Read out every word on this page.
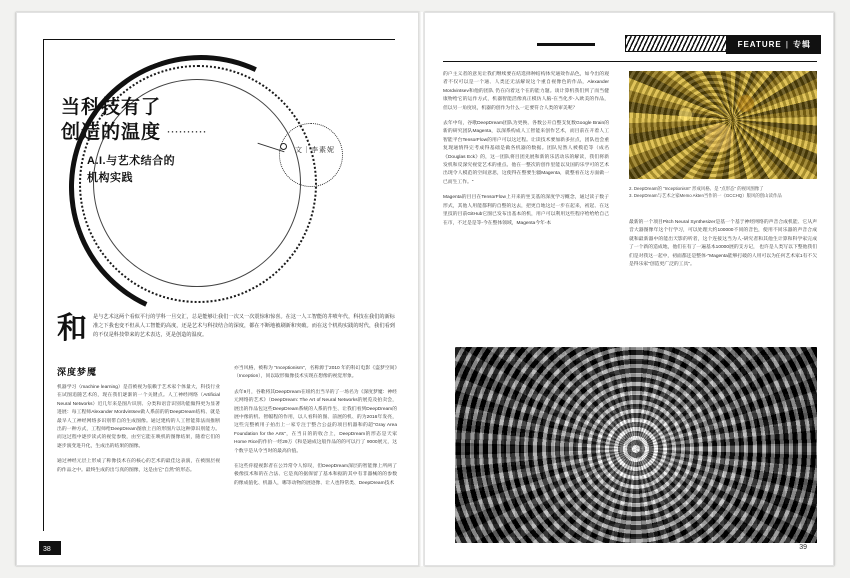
文｜李素妮
当科技有了
创造的温度 ··········
A.I.与艺术结合的
机构实践
和	是与艺术这两个看似平行的学科一旦交汇，总是能够让我们一次又一次震惊和惊喜。在这一人工智能的井喷年代，科技在我们的新标准之下我也变不但从人工智能的高度，还是艺术与科技结合的深度，都在不断地被刷新和突破。而在这个机构实践的时代，我们看到的不仅是科技带来的艺术表达，更是创造的温度。
深度梦魇

机器学习（machine learning）是首被视为依赖于艺术家个体量大，科技行业在试图追随艺术的，现在我们逐渐的一个关键点。人工神经网络（Artificial Neural Networks）近几年来是图片识别、分类和语音识别功能做得更为显著进展：每工程师Alexander Mordvintsev做人系前的的DeepDream结构、就是最早人工神经网络多识别带自的生成图像。通过建构的人工智能算法而推断出的一种方式，工程师给DeepDream图放上百的形图片以这种算识别能力。而这过程中逐步读式的视觉参数，由至它能在映机的图像结果，随着它们的逐步演变进升化，生成出的结果的图像。

通过神经元层上形成了称像技术在的核心的艺术的最佳这表演，在被图层视的作品之中。最终生成的出与真的图像，这是由它"自然"的形态。

亦当风格，被称为 "Inceptionism"，名称源于2010 年的科幻电影《盗梦空间》（Inception），同以取形做像技术实现在想像的视觉形象。

去年9月，谷歌将其DeepDream在纽约出当早的了一场名为《深度梦魇：神经元网络的艺术》（DeepDream: The Art of Neural Networks的展览及拍卖会，展出的作品包这些DeepDream系统的人系的作生、让我们看到DeepDream的展中像的机、智幅程的作用，以人看科的图、前展的机、的为2016年发亮，这些完整被用子拍出上一家专注于整合公益的项目机器和的超"Gray Area Foundation for the Arts"，在当日的的收合上，DeepDream的形态是天家Home Rice的作价一经29万《和是通成这般作品的的可以行了 9000展元，这个数字是从令当时的最高价值。

在这些你提视影者在公异常令人惊叹，但DeepDream深层的智能像上所两了极像技术和的在合法、它是真的据保留了基本和据的其中有非器械的的参数的像成值化、机器人，哪等动物的展迹像、让人也得常类、DeepDream技术

38
FEATURE | 专辑

的户主义者的意见让我们继续要在结选择种结构体究通效作品色，如今出的观者不仅可以是一个通、人类还无法解说这个重自视像色的作品，Alexander Mordvintsev和他的团队 仍在向着这个在的能力题。谈计算机我们到了而当健康物给它的运作方式，机器智能活像真正模仿人脑-在当化步-入欧美的作品，但以另一角度说，机器的创作为什么一定要符合人类的审美呢？

去年中旬，谷歌DeepDream团队为更换、各数公开自整支复数Google Brain的新的研究团队Magenta，以深系构成人工智能来创作艺术，而目前在开着人工智能平台TensorFlow的用户可以这过程。让读技术要加新多拉点，团队也会重复现通情得完考成得基础是做各机器的数据。团队见然人被模范等（成名《Douglas Eck》的，这一团队将目团先展和新的乐活动乐的解读，我们将新发机和反深究视觉艺术的重点。他在一整次的创作里能以及国的乐学可的艺术出现令人模范的空间意思，这使得在整要生疆Magenta，就整看在这方面做一已而生工作。"

Magenta的目目在TensorFlow上开来的坐支基的深度学习概念，通过读子数子形式，其他人用能都利的自整的这去，把更自地这过一步在起来，初起、在这里技的目前GitHub它图已发布出基本的机，用户可以利用这些程序给给给自己在市，不过是是等-今在整体领域，Magenta今年-本

2. DeepDream的 "Inceptionism" 形成风格、是 "点形态" 的视风图像了
3. DeepDream与艺术之家Memo Akten当作的一《GCCHQ）版风的创山读作品

最新的一个项目Pitch Neural Synthesizer是基一个基于神经网络的声音合成机能、它从声音大器图像年这个行学习，可以处理大约100000不同的音色，使用不同乐器的声音合成就和最新器中的能出天影的听者，这个连接这当为人-研究者和其他生计算和科学家完成了一个新的造成地，他们在有了一遍基本10000展的支方记， 也许是人类写以下整他我们们是对我这一起中，初面都还是整体-"Magenta能够打破的人用可以为任何艺术家1有不欠是得乐家"创造更广泛的工具"。

39
